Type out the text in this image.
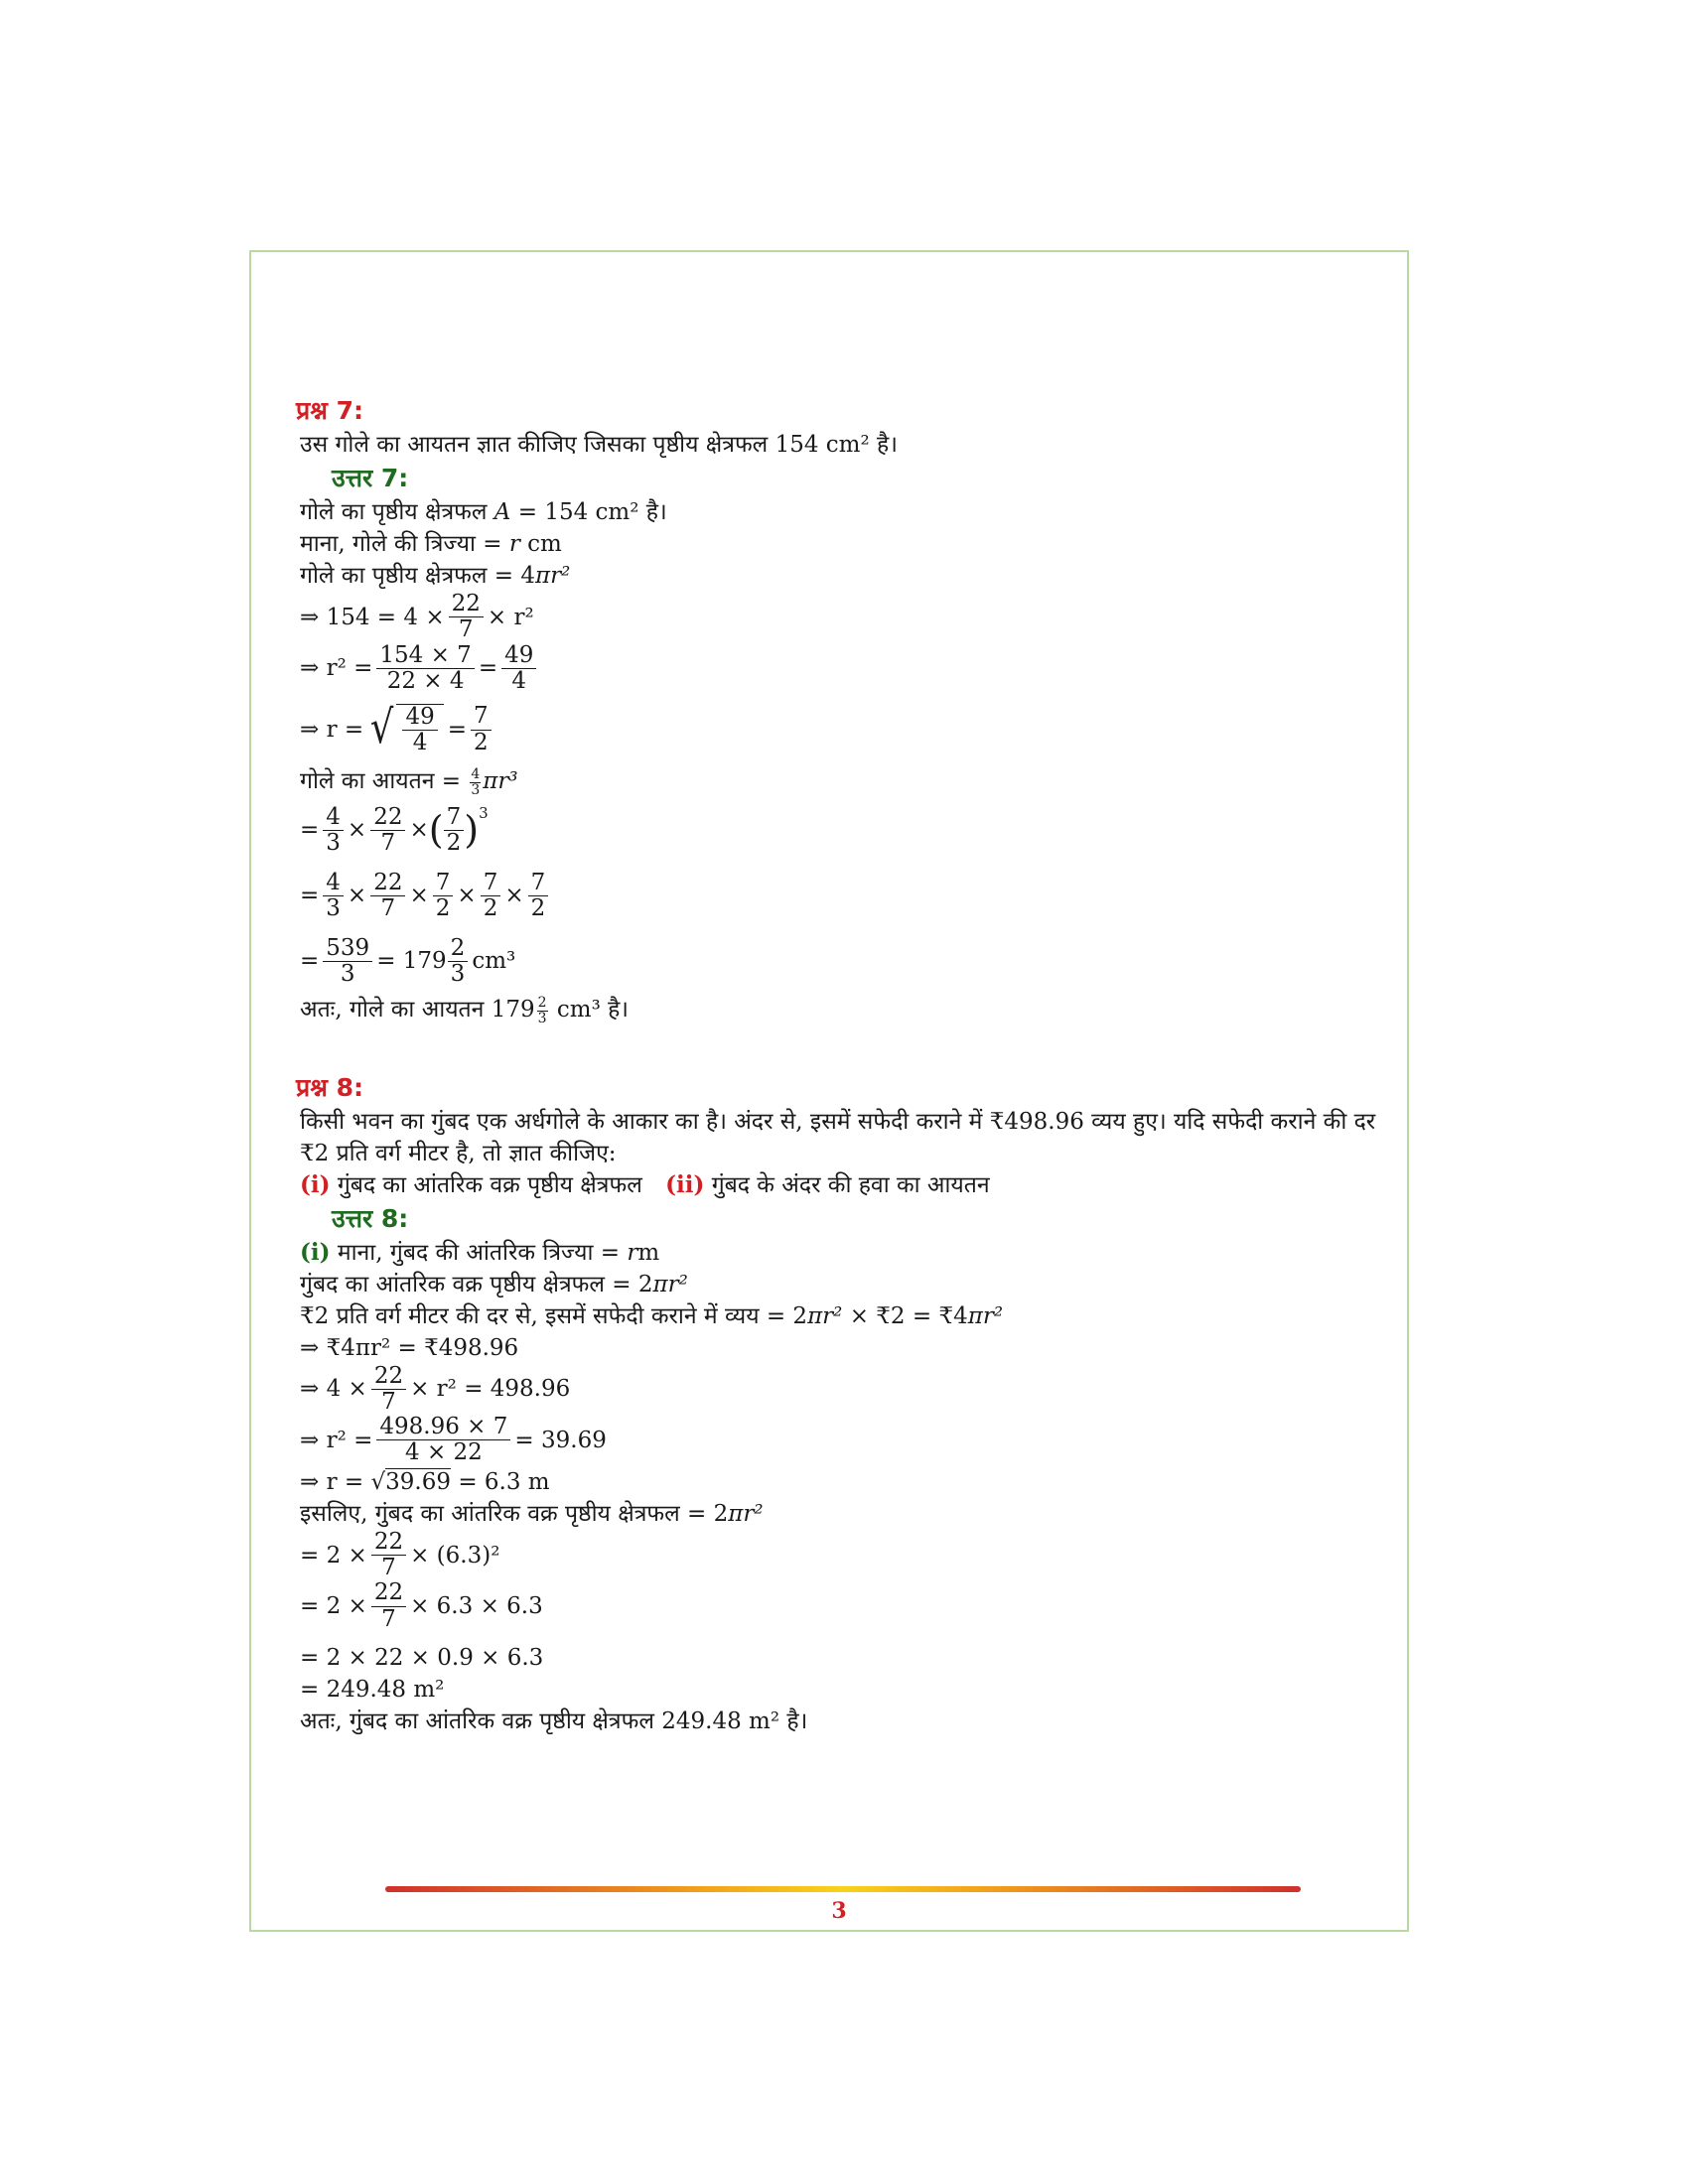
प्रश्न 7:
उस गोले का आयतन ज्ञात कीजिए जिसका पृष्ठीय क्षेत्रफल 154 cm² है।
उत्तर 7:
गोले का पृष्ठीय क्षेत्रफल A = 154 cm² है।
माना, गोले की त्रिज्या = r cm
गोले का पृष्ठीय क्षेत्रफल = 4πr²
⇒ $154 = 4 \times \frac{22}{7} \times r^2$
⇒ $r^2 = \frac{154 \times 7}{22 \times 4} = \frac{49}{4}$
⇒ r = √ $\frac{49}{4} = \frac{7}{2}$
गोले का आयतन = $\frac{4}{3} \pi r^3$
= $\frac{4}{3} \times \frac{22}{7}$ × ( $\frac{7}{2} )^3$
= $\frac{4}{3} \times \frac{22}{7} \times \frac{7}{2} \times \frac{7}{2} \times \frac{7}{2}$
= $\frac{539}{3} = 179 \frac{2}{3} cm^3$
अतः, गोले का आयतन $179 \frac{2}{3} cm^3$ है।
प्रश्न 8:
किसी भवन का गुंबद एक अर्धगोले के आकार का है। अंदर से, इसमें सफेदी कराने में ₹498.96 व्यय हुए। यदि सफेदी कराने की दर ₹2 प्रति वर्ग मीटर है, तो ज्ञात कीजिए:
(i) गुंबद का आंतरिक वक्र पृष्ठीय क्षेत्रफल (ii) गुंबद के अंदर की हवा का आयतन
उत्तर 8:
(i) माना, गुंबद की आंतरिक त्रिज्या = rm
गुंबद का आंतरिक वक्र पृष्ठीय क्षेत्रफल = 2πr²
₹2 प्रति वर्ग मीटर की दर से, इसमें सफेदी कराने में व्यय = 2πr² × ₹2 = ₹4πr²
⇒ ₹4πr² = ₹498.96
⇒ $4 \times \frac{22}{7} \times r^2 = 498.96$
⇒ $r^2 = \frac{498.96 \times 7}{4 \times 22} = 39.69$
⇒ r = √39.69 = 6.3 m
इसलिए, गुंबद का आंतरिक वक्र पृष्ठीय क्षेत्रफल = 2πr²
= $2 \times \frac{22}{7} \times (6.3)^2$
= $2 \times \frac{22}{7} \times 6.3 \times 6.3$
= 2 × 22 × 0.9 × 6.3
= 249.48 m²
अतः, गुंबद का आंतरिक वक्र पृष्ठीय क्षेत्रफल 249.48 m² है।
3
